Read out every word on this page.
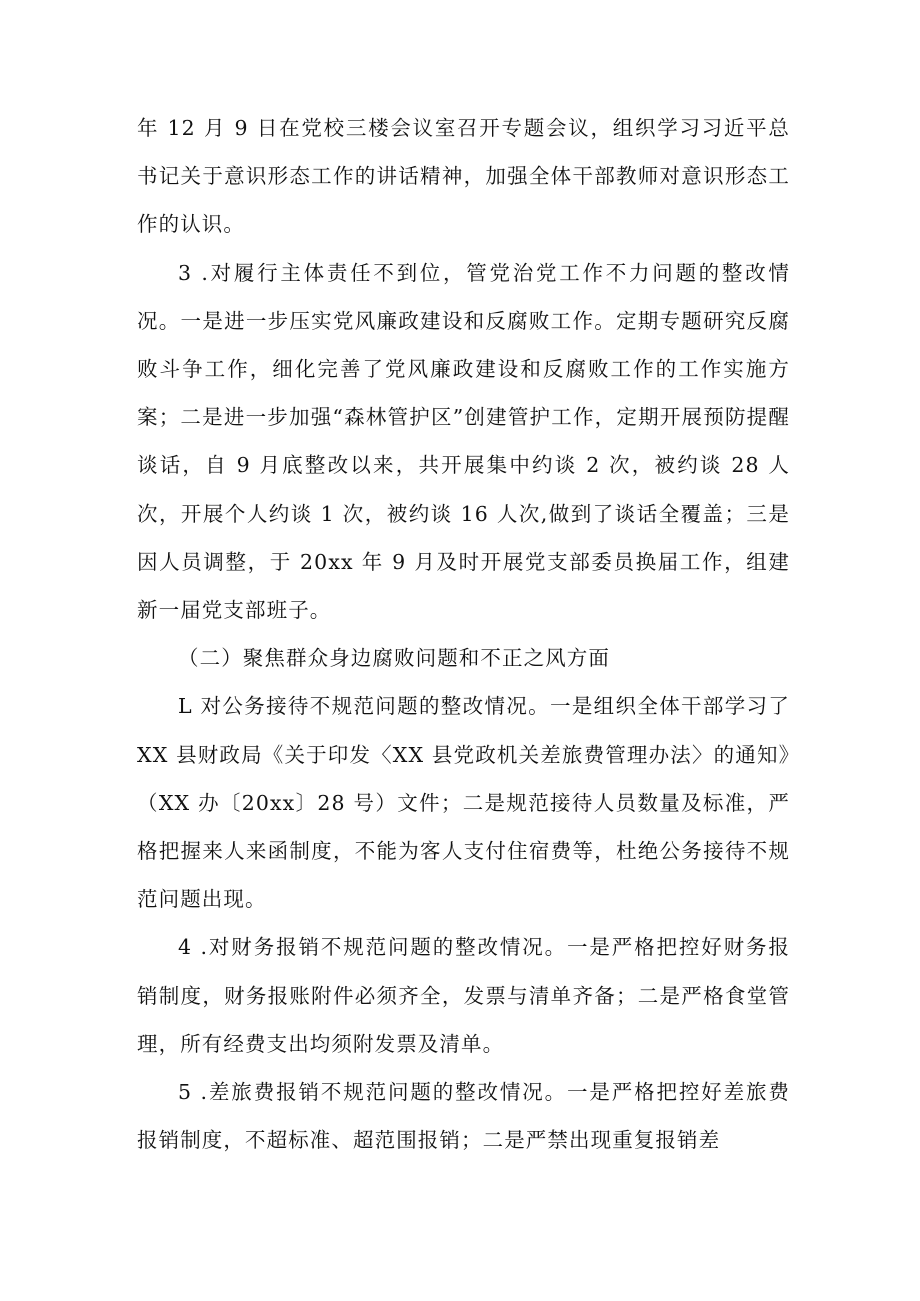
年 12 月 9 日在党校三楼会议室召开专题会议，组织学习习近平总书记关于意识形态工作的讲话精神，加强全体干部教师对意识形态工作的认识。

3 .对履行主体责任不到位，管党治党工作不力问题的整改情况。一是进一步压实党风廉政建设和反腐败工作。定期专题研究反腐败斗争工作，细化完善了党风廉政建设和反腐败工作的工作实施方案；二是进一步加强“森林管护区”创建管护工作，定期开展预防提醒谈话，自 9 月底整改以来，共开展集中约谈 2 次，被约谈 28 人次，开展个人约谈 1 次，被约谈 16 人次,做到了谈话全覆盖；三是因人员调整，于 20xx 年 9 月及时开展党支部委员换届工作，组建新一届党支部班子。

（二）聚焦群众身边腐败问题和不正之风方面

L 对公务接待不规范问题的整改情况。一是组织全体干部学习了 XX 县财政局《关于印发〈XX 县党政机关差旅费管理办法〉的通知》（XX 办〔20xx〕28 号）文件；二是规范接待人员数量及标准，严格把握来人来函制度，不能为客人支付住宿费等，杜绝公务接待不规范问题出现。

4 .对财务报销不规范问题的整改情况。一是严格把控好财务报销制度，财务报账附件必须齐全，发票与清单齐备；二是严格食堂管理，所有经费支出均须附发票及清单。

5 .差旅费报销不规范问题的整改情况。一是严格把控好差旅费报销制度，不超标准、超范围报销；二是严禁出现重复报销差
